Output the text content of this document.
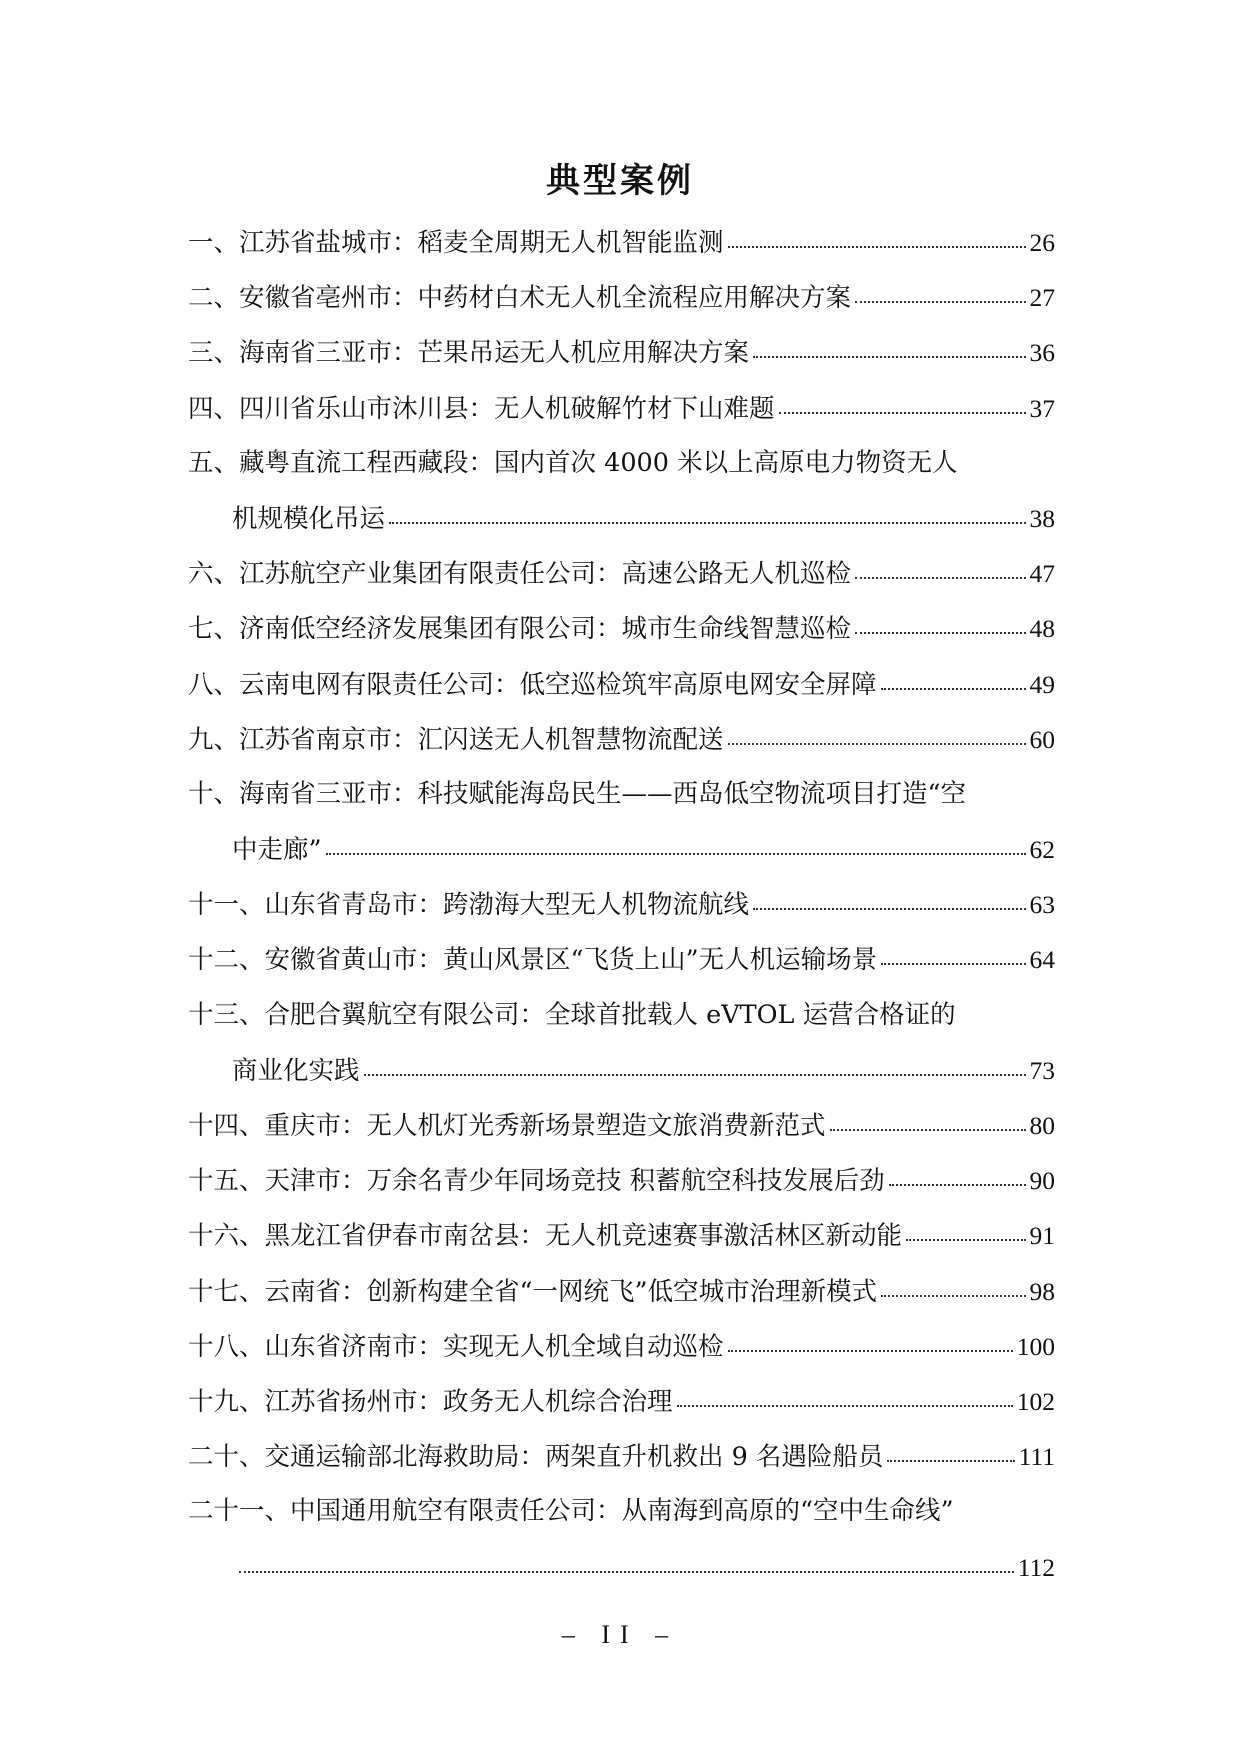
典型案例
一、江苏省盐城市：稻麦全周期无人机智能监测	26
二、安徽省亳州市：中药材白术无人机全流程应用解决方案	27
三、海南省三亚市：芒果吊运无人机应用解决方案	36
四、四川省乐山市沐川县：无人机破解竹材下山难题	37
五、藏粤直流工程西藏段：国内首次 4000 米以上高原电力物资无人
机规模化吊运	38
六、江苏航空产业集团有限责任公司：高速公路无人机巡检	47
七、济南低空经济发展集团有限公司：城市生命线智慧巡检	48
八、云南电网有限责任公司：低空巡检筑牢高原电网安全屏障	49
九、江苏省南京市：汇闪送无人机智慧物流配送	60
十、海南省三亚市：科技赋能海岛民生——西岛低空物流项目打造“空
中走廊”	62
十一、山东省青岛市：跨渤海大型无人机物流航线	63
十二、安徽省黄山市：黄山风景区“飞货上山”无人机运输场景	64
十三、合肥合翼航空有限公司：全球首批载人 eVTOL 运营合格证的
商业化实践	73
十四、重庆市：无人机灯光秀新场景塑造文旅消费新范式	80
十五、天津市：万余名青少年同场竞技 积蓄航空科技发展后劲	90
十六、黑龙江省伊春市南岔县：无人机竞速赛事激活林区新动能	91
十七、云南省：创新构建全省“一网统飞”低空城市治理新模式	98
十八、山东省济南市：实现无人机全域自动巡检	100
十九、江苏省扬州市：政务无人机综合治理	102
二十、交通运输部北海救助局：两架直升机救出 9 名遇险船员	111
二十一、中国通用航空有限责任公司：从南海到高原的“空中生命线”
112
– II –
